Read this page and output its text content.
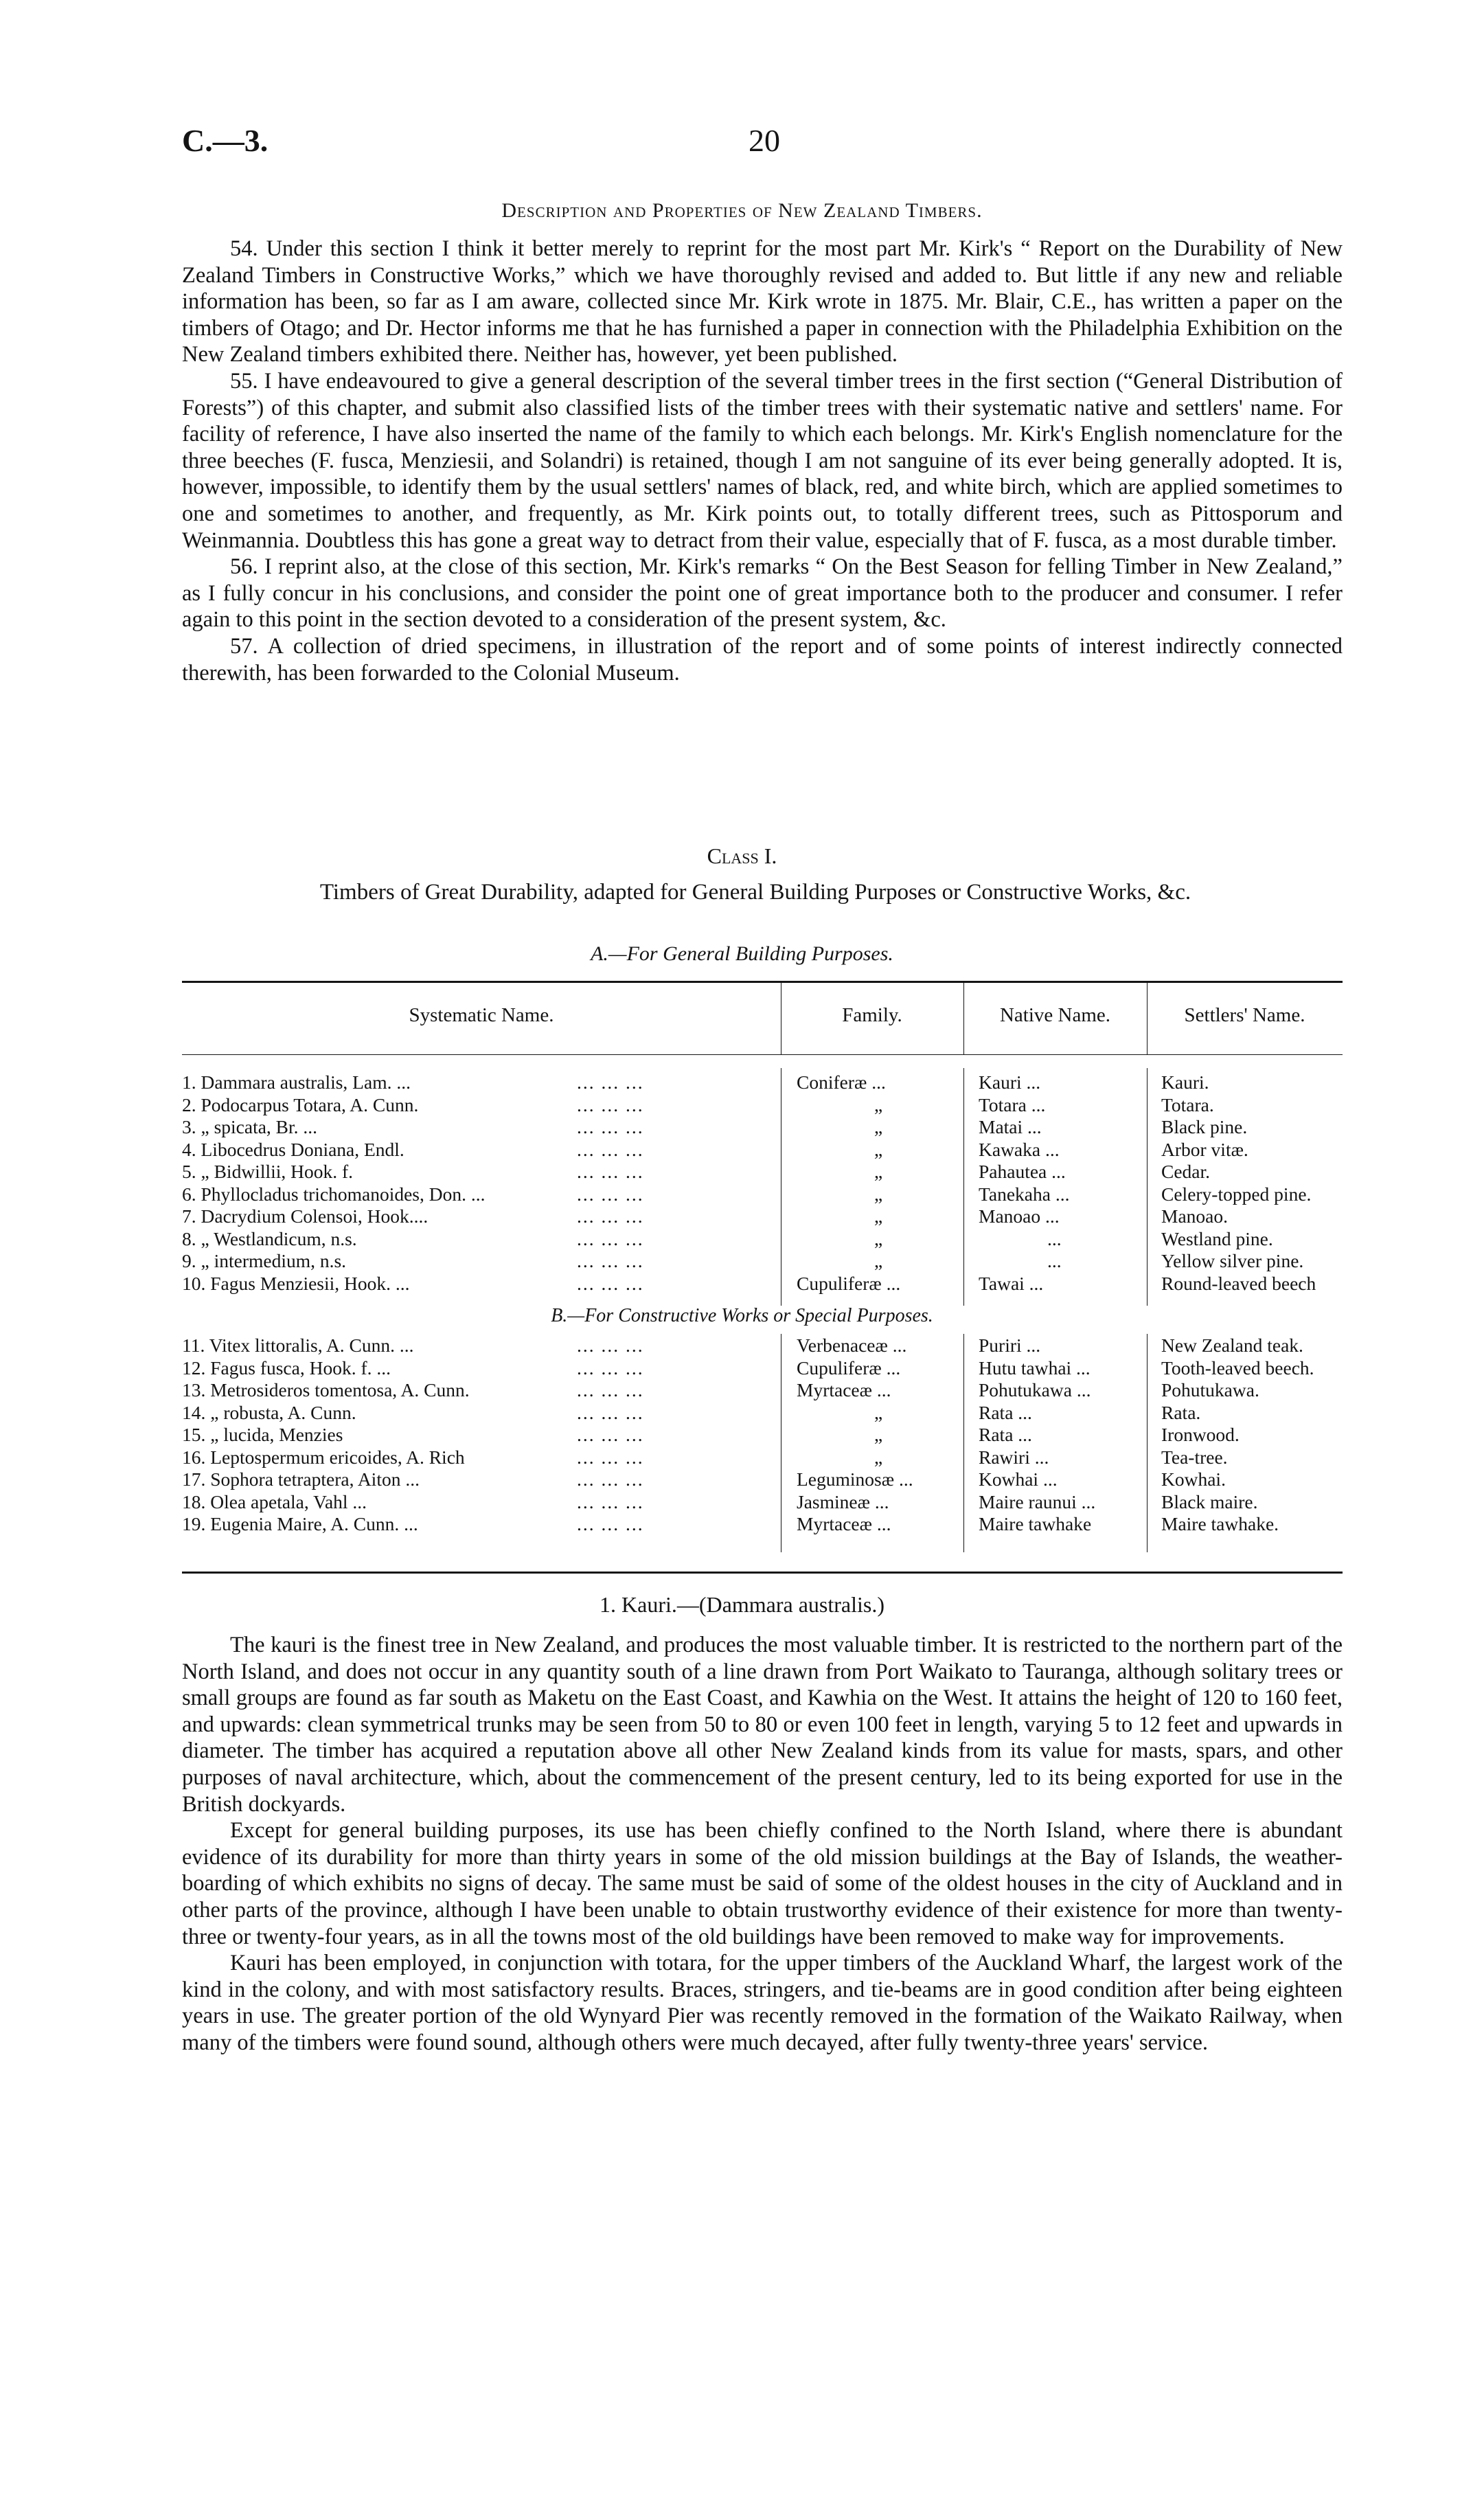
C.—3.	20
Description and Properties of New Zealand Timbers.

54. Under this section I think it better merely to reprint for the most part Mr. Kirk's “ Report on the Durability of New Zealand Timbers in Constructive Works,” which we have thoroughly revised and added to. But little if any new and reliable information has been, so far as I am aware, collected since Mr. Kirk wrote in 1875. Mr. Blair, C.E., has written a paper on the timbers of Otago; and Dr. Hector informs me that he has furnished a paper in connection with the Philadelphia Exhibition on the New Zealand timbers exhibited there. Neither has, however, yet been published.

55. I have endeavoured to give a general description of the several timber trees in the first section (“General Distribution of Forests”) of this chapter, and submit also classified lists of the timber trees with their systematic native and settlers' name. For facility of reference, I have also inserted the name of the family to which each belongs. Mr. Kirk's English nomenclature for the three beeches (F. fusca, Menziesii, and Solandri) is retained, though I am not sanguine of its ever being generally adopted. It is, however, impossible, to identify them by the usual settlers' names of black, red, and white birch, which are applied sometimes to one and sometimes to another, and frequently, as Mr. Kirk points out, to totally different trees, such as Pittosporum and Weinmannia. Doubtless this has gone a great way to detract from their value, especially that of F. fusca, as a most durable timber.

56. I reprint also, at the close of this section, Mr. Kirk's remarks “ On the Best Season for felling Timber in New Zealand,” as I fully concur in his conclusions, and consider the point one of great importance both to the producer and consumer. I refer again to this point in the section devoted to a consideration of the present system, &c.

57. A collection of dried specimens, in illustration of the report and of some points of interest indirectly connected therewith, has been forwarded to the Colonial Museum.

Class I.
Timbers of Great Durability, adapted for General Building Purposes or Constructive Works, &c.
A.—For General Building Purposes.
Systematic Name.	Family.	Native Name.	Settlers' Name.
1. Dammara australis, Lam. ...	... ... ...	Coniferæ ...	Kauri ...	Kauri.
2. Podocarpus Totara, A. Cunn.	... ... ...	„	Totara ...	Totara.
3. „ spicata, Br. ...	... ... ...	„	Matai ...	Black pine.
4. Libocedrus Doniana, Endl.	... ... ...	„	Kawaka ...	Arbor vitæ.
5. „ Bidwillii, Hook. f.	... ... ...	„	Pahautea ...	Cedar.
6. Phyllocladus trichomanoides, Don. ...	... ... ...	„	Tanekaha ...	Celery-topped pine.
7. Dacrydium Colensoi, Hook....	... ... ...	„	Manoao ...	Manoao.
8. „ Westlandicum, n.s.	... ... ...	„	...	Westland pine.
9. „ intermedium, n.s.	... ... ...	„	...	Yellow silver pine.
10. Fagus Menziesii, Hook. ...	... ... ...	Cupuliferæ ...	Tawai ...	Round-leaved beech
B.—For Constructive Works or Special Purposes.
11. Vitex littoralis, A. Cunn. ...	... ... ...	Verbenaceæ ...	Puriri ...	New Zealand teak.
12. Fagus fusca, Hook. f. ...	... ... ...	Cupuliferæ ...	Hutu tawhai ...	Tooth-leaved beech.
13. Metrosideros tomentosa, A. Cunn.	... ... ...	Myrtaceæ ...	Pohutukawa ...	Pohutukawa.
14. „ robusta, A. Cunn.	... ... ...	„	Rata ...	Rata.
15. „ lucida, Menzies	... ... ...	„	Rata ...	Ironwood.
16. Leptospermum ericoides, A. Rich	... ... ...	„	Rawiri ...	Tea-tree.
17. Sophora tetraptera, Aiton ...	... ... ...	Leguminosæ ...	Kowhai ...	Kowhai.
18. Olea apetala, Vahl ...	... ... ...	Jasmineæ ...	Maire raunui ...	Black maire.
19. Eugenia Maire, A. Cunn. ...	... ... ...	Myrtaceæ ...	Maire tawhake	Maire tawhake.
1. Kauri.—(Dammara australis.)

The kauri is the finest tree in New Zealand, and produces the most valuable timber. It is restricted to the northern part of the North Island, and does not occur in any quantity south of a line drawn from Port Waikato to Tauranga, although solitary trees or small groups are found as far south as Maketu on the East Coast, and Kawhia on the West. It attains the height of 120 to 160 feet, and upwards: clean symmetrical trunks may be seen from 50 to 80 or even 100 feet in length, varying 5 to 12 feet and upwards in diameter. The timber has acquired a reputation above all other New Zealand kinds from its value for masts, spars, and other purposes of naval architecture, which, about the commencement of the present century, led to its being exported for use in the British dockyards.

Except for general building purposes, its use has been chiefly confined to the North Island, where there is abundant evidence of its durability for more than thirty years in some of the old mission buildings at the Bay of Islands, the weather-boarding of which exhibits no signs of decay. The same must be said of some of the oldest houses in the city of Auckland and in other parts of the province, although I have been unable to obtain trustworthy evidence of their existence for more than twenty-three or twenty-four years, as in all the towns most of the old buildings have been removed to make way for improvements.

Kauri has been employed, in conjunction with totara, for the upper timbers of the Auckland Wharf, the largest work of the kind in the colony, and with most satisfactory results. Braces, stringers, and tie-beams are in good condition after being eighteen years in use. The greater portion of the old Wynyard Pier was recently removed in the formation of the Waikato Railway, when many of the timbers were found sound, although others were much decayed, after fully twenty-three years' service.
